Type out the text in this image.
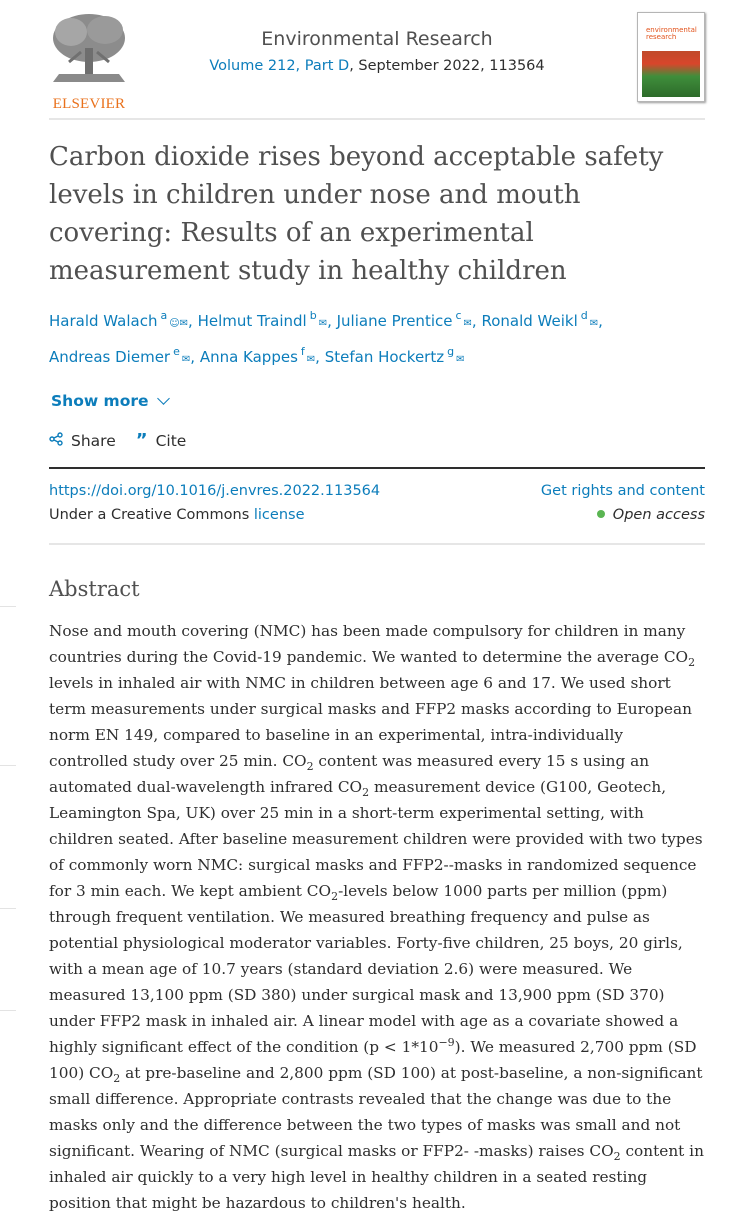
ELSEVIER
Environmental Research
Volume 212, Part D, September 2022, 113564
environmental research
Carbon dioxide rises beyond acceptable safety levels in children under nose and mouth covering: Results of an experimental measurement study in healthy children
Harald Walach $^a$☺✉, Helmut Traindl $^b$✉, Juliane Prentice $^c$✉, Ronald Weikl $^d$✉, Andreas Diemer $^e$✉, Anna Kappes $^f$✉, Stefan Hockertz $^g$✉
Show more
Share ” Cite
https://doi.org/10.1016/j.envres.2022.113564
Under a Creative Commons license
Get rights and content
Open access
Abstract

Nose and mouth covering (NMC) has been made compulsory for children in many countries during the Covid-19 pandemic. We wanted to determine the average $CO_2$ levels in inhaled air with NMC in children between age 6 and 17. We used short term measurements under surgical masks and FFP2 masks according to European norm EN 149, compared to baseline in an experimental, intra-individually controlled study over 25 min. $CO_2$ content was measured every 15 s using an automated dual-wavelength infrared $CO_2$ measurement device (G100, Geotech, Leamington Spa, UK) over 25 min in a short-term experimental setting, with children seated. After baseline measurement children were provided with two types of commonly worn NMC: surgical masks and FFP2--masks in randomized sequence for 3 min each. We kept ambient $CO_2$-levels below 1000 parts per million (ppm) through frequent ventilation. We measured breathing frequency and pulse as potential physiological moderator variables. Forty-five children, 25 boys, 20 girls, with a mean age of 10.7 years (standard deviation 2.6) were measured. We measured 13,100 ppm (SD 380) under surgical mask and 13,900 ppm (SD 370) under FFP2 mask in inhaled air. A linear model with age as a covariate showed a highly significant effect of the condition $(p < 1*10^{-9})$. We measured 2,700 ppm (SD 100) $CO_2$ at pre-baseline and 2,800 ppm (SD 100) at post-baseline, a non-significant small difference. Appropriate contrasts revealed that the change was due to the masks only and the difference between the two types of masks was small and not significant. Wearing of NMC (surgical masks or FFP2- -masks) raises $CO_2$ content in inhaled air quickly to a very high level in healthy children in a seated resting position that might be hazardous to children's health.
